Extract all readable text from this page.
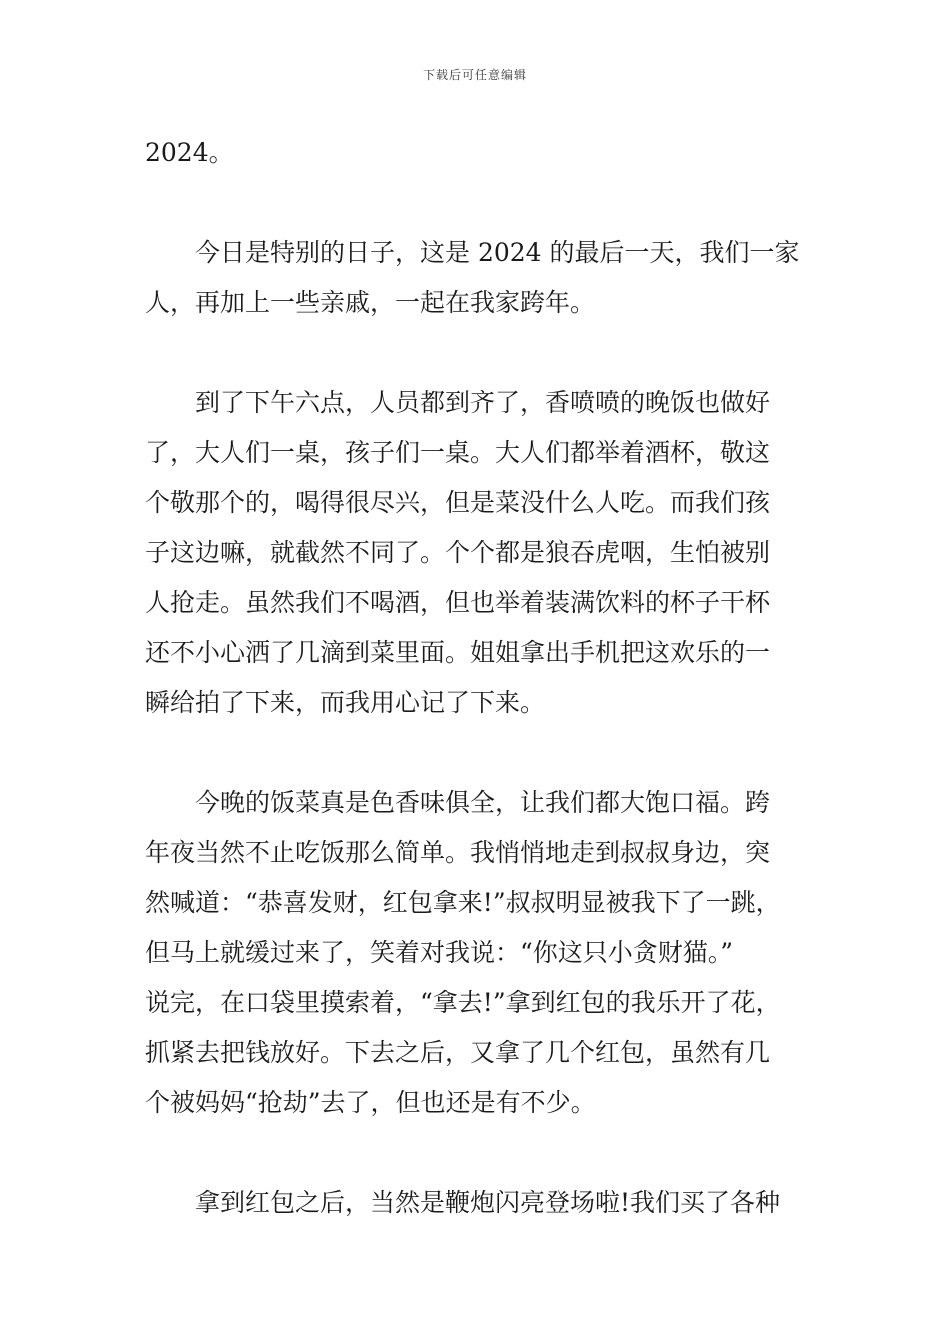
下载后可任意编辑

2024。

今日是特别的日子，这是 2024 的最后一天，我们一家
人，再加上一些亲戚，一起在我家跨年。

到了下午六点，人员都到齐了，香喷喷的晚饭也做好
了，大人们一桌，孩子们一桌。大人们都举着酒杯，敬这
个敬那个的，喝得很尽兴，但是菜没什么人吃。而我们孩
子这边嘛，就截然不同了。个个都是狼吞虎咽，生怕被别
人抢走。虽然我们不喝酒，但也举着装满饮料的杯子干杯
还不小心洒了几滴到菜里面。姐姐拿出手机把这欢乐的一
瞬给拍了下来，而我用心记了下来。

今晚的饭菜真是色香味俱全，让我们都大饱口福。跨
年夜当然不止吃饭那么简单。我悄悄地走到叔叔身边，突
然喊道：“恭喜发财，红包拿来!”叔叔明显被我下了一跳，
但马上就缓过来了，笑着对我说：“你这只小贪财猫。”
说完，在口袋里摸索着，“拿去!”拿到红包的我乐开了花，
抓紧去把钱放好。下去之后，又拿了几个红包，虽然有几
个被妈妈“抢劫”去了，但也还是有不少。

拿到红包之后，当然是鞭炮闪亮登场啦!我们买了各种
